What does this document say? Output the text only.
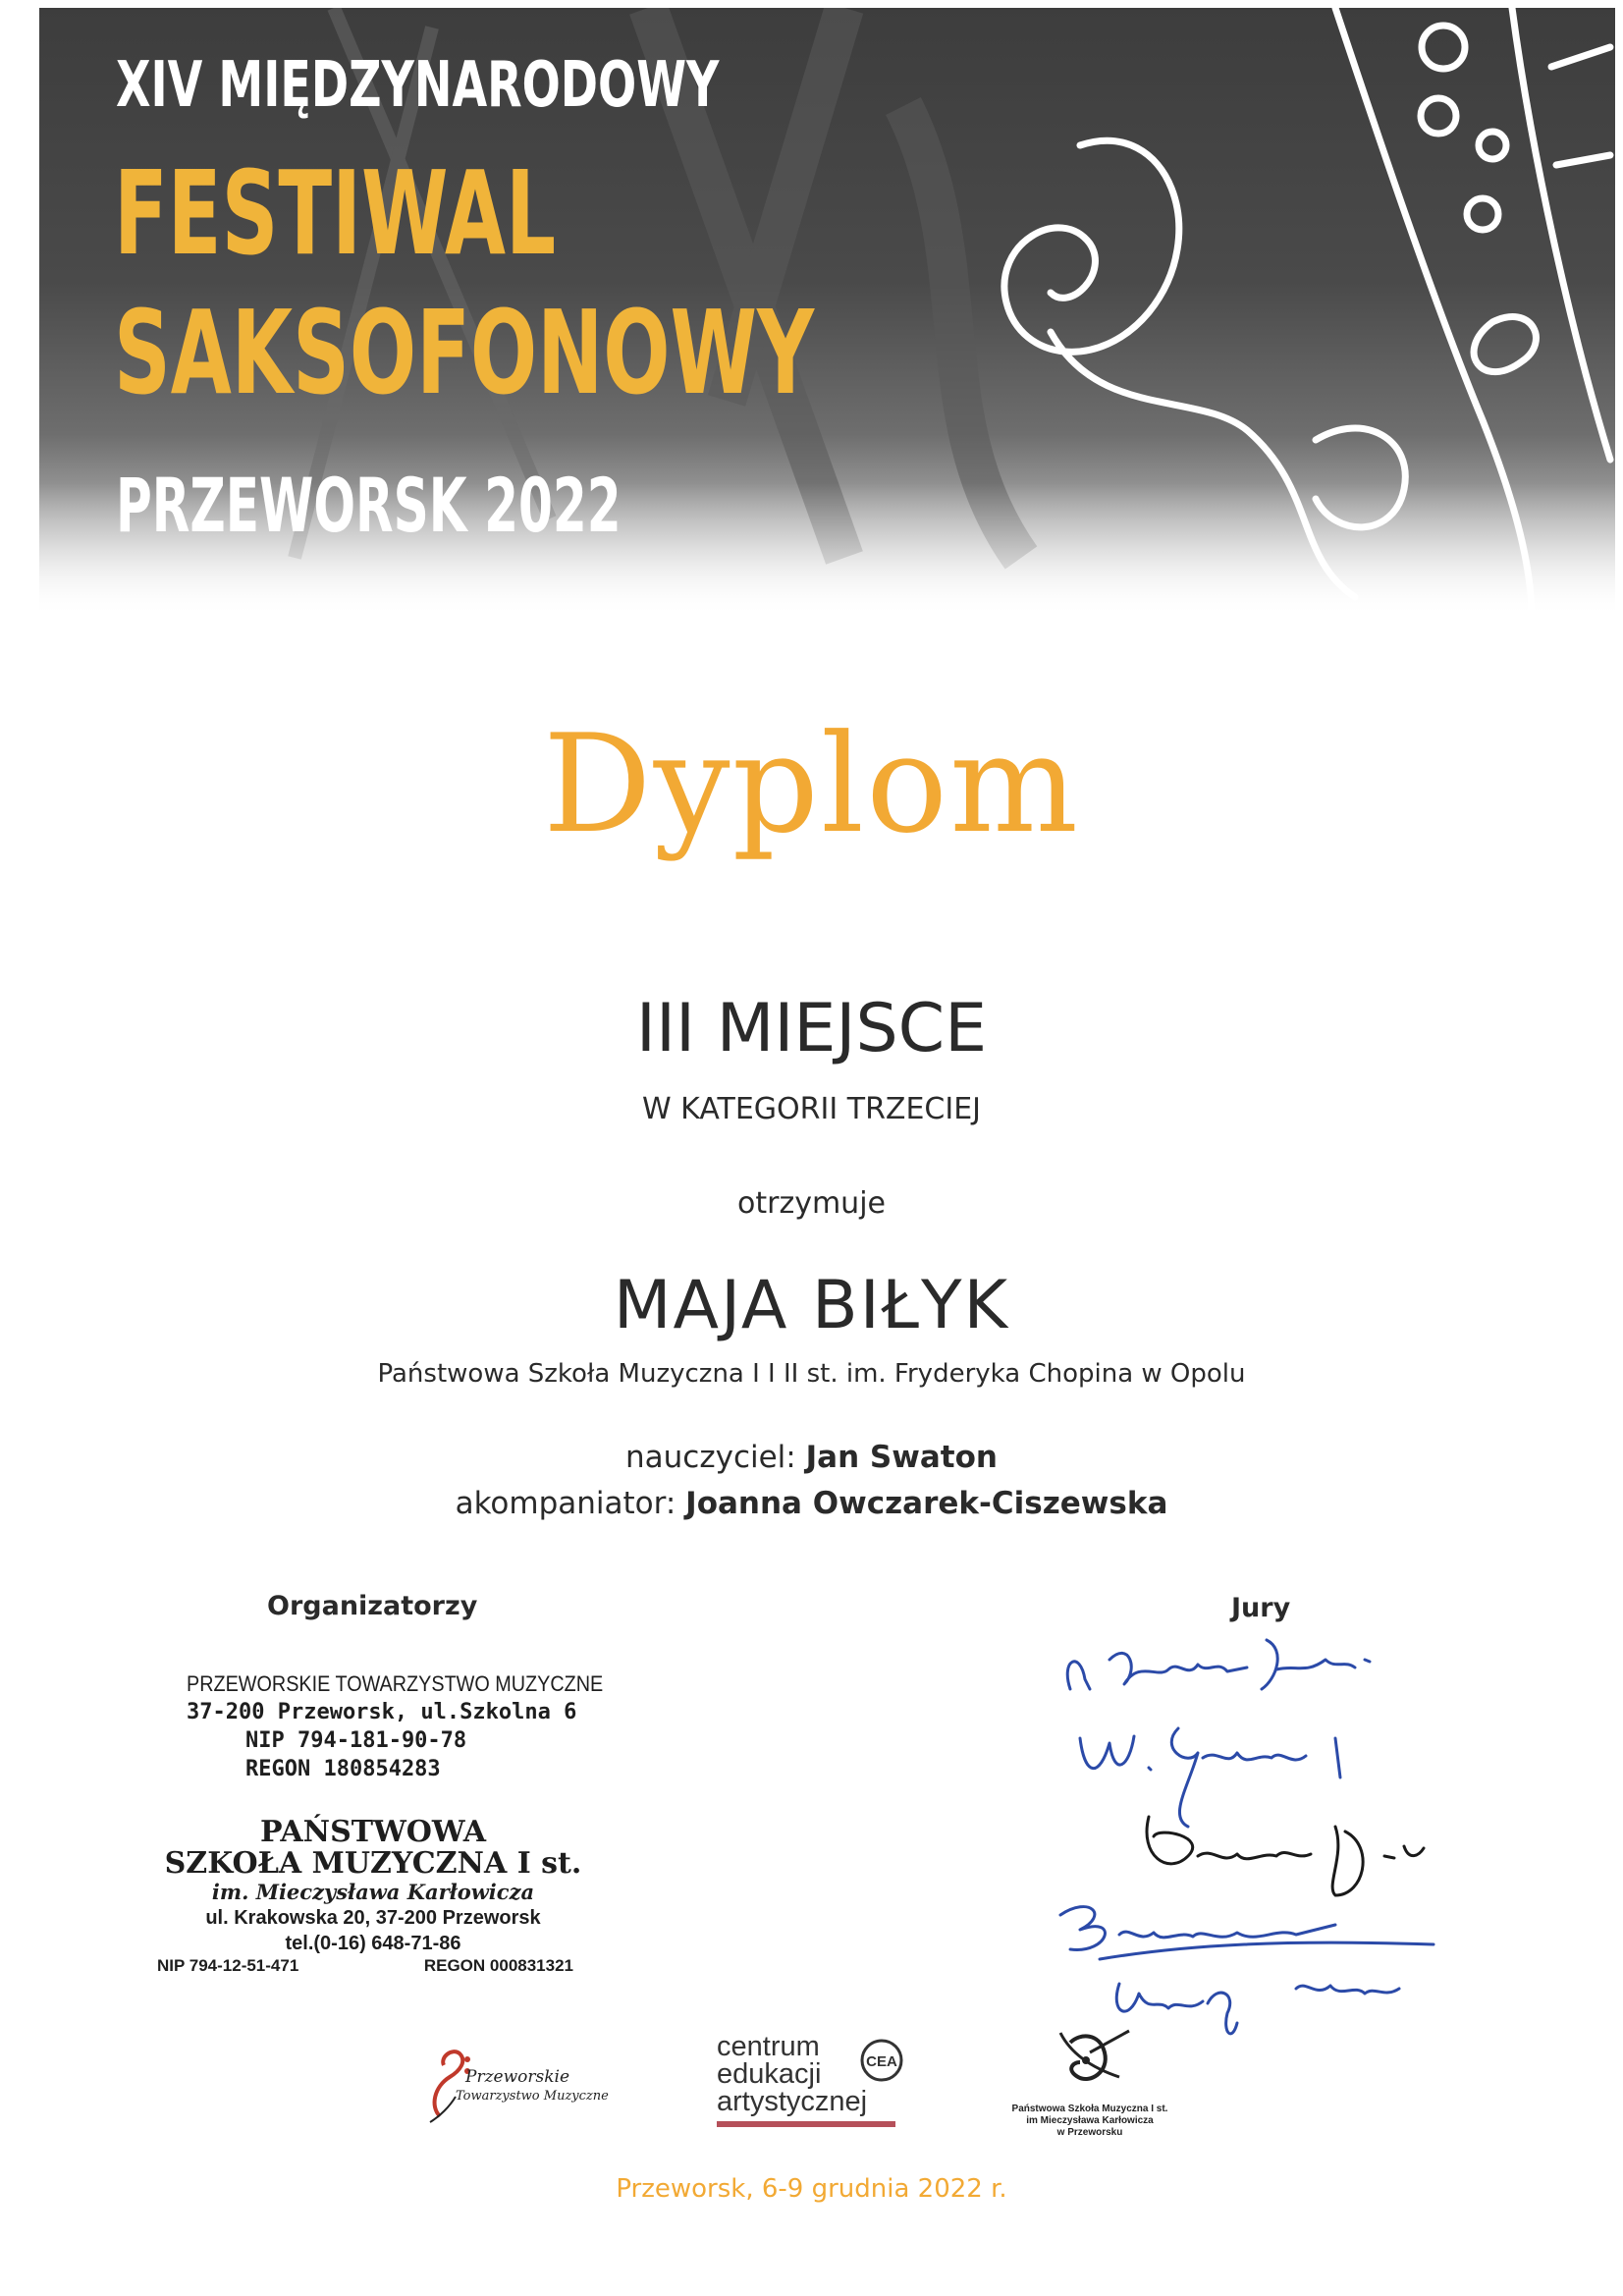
XIV MIĘDZYNARODOWY
FESTIWAL
SAKSOFONOWY
PRZEWORSK 2022
Dyplom
III MIEJSCE
W KATEGORII TRZECIEJ
otrzymuje
MAJA BIŁYK
Państwowa Szkoła Muzyczna I I II st. im. Fryderyka Chopina w Opolu
nauczyciel: Jan Swaton
akompaniator: Joanna Owczarek-Ciszewska
Organizatorzy
PRZEWORSKIE TOWARZYSTWO MUZYCZNE
37-200 Przeworsk, ul.Szkolna 6
NIP 794-181-90-78
REGON 180854283
PAŃSTWOWA
SZKOŁA MUZYCZNA I st.
im. Mieczysława Karłowicza
ul. Krakowska 20, 37-200 Przeworsk
tel.(0-16) 648-71-86
NIP 794-12-51-471	REGON 000831321
Jury
Przeworskie
Towarzystwo Muzyczne
centrum
edukacji
artystycznej
CEA
Państwowa Szkoła Muzyczna I st.
im Mieczysława Karłowicza
w Przeworsku
Przeworsk, 6-9 grudnia 2022 r.
